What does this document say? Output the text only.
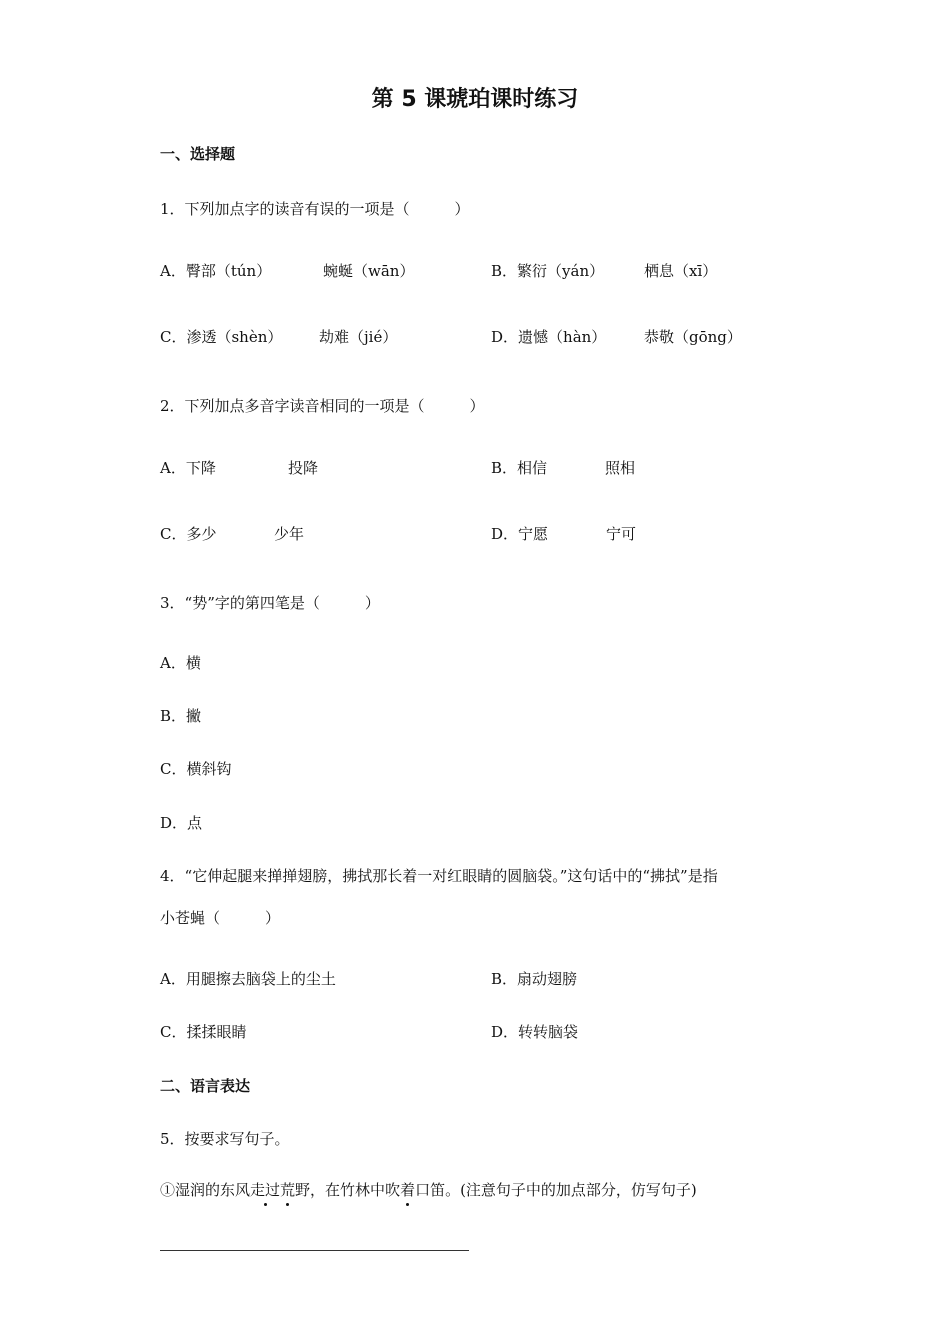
第 5 课琥珀课时练习
一、选择题
1．下列加点字的读音有误的一项是（　　　）
A．臀部（tún）	蜿蜒（wān）	B．繁衍（yán）	栖息（xī）
C．渗透（shèn） 劫难（jié）	D．遗憾（hàn）	恭敬（gōng）
2．下列加点多音字读音相同的一项是（　　　）
A．下降	投降	B．相信	照相
C．多少	少年	D．宁愿	宁可
3．“势”字的第四笔是（　　　）
A．横
B．撇
C．横斜钩
D．点
4．“它伸起腿来掸掸翅膀，拂拭那长着一对红眼睛的圆脑袋。”这句话中的“拂拭”是指
小苍蝇（　　　）
A．用腿擦去脑袋上的尘土	B．扇动翅膀
C．揉揉眼睛	D．转转脑袋
二、语言表达
5．按要求写句子。
①湿润的东风走过荒野，在竹林中吹着口笛。(注意句子中的加点部分，仿写句子)
